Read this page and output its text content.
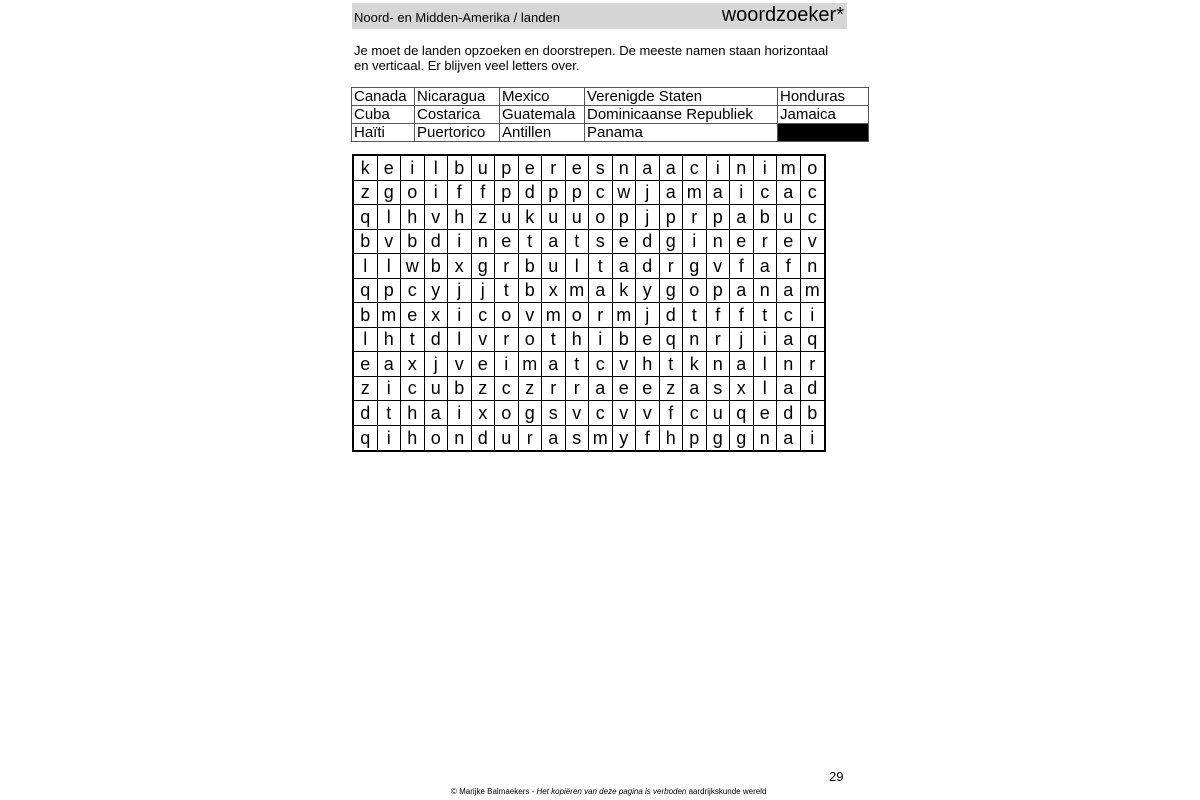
Noord- en Midden-Amerika / landen	woordzoeker*

Je moet de landen opzoeken en doorstrepen. De meeste namen staan horizontaal

en verticaal. Er blijven veel letters over.

Canada	Nicaragua	Mexico	Verenigde Staten	Honduras
Cuba	Costarica	Guatemala	Dominicaanse Republiek	Jamaica
Haïti	Puertorico	Antillen	Panama	
k e i	l b u p e r e s n a a c i n i m o
z g o i	f	f p d p p c w j a m a i c a c
q l h v h z u k u u o p j p r p a b u c
b v b d i n e t a t s e d g i n e r e v
l	l w b x g r b u l	t a d r g v f a f n
q p c y j	j	t b x m a k y g o p a n a m
b m e x i c o v m o r m j d t	f	f	t c i
l h t d l v r o t h i b e q n r	j	i a q
e a x j v e i m a t c v h t k n a l n r
z i c u b z c z r r a e e z a s x l a d
d t h a i x o g s v c v v f c u q e d b
q i h o n d u r a s m y f h p g g n a i
29
© Marijke Balmaekers - Het kopiëren van deze pagina is verboden aardrijkskunde wereld
